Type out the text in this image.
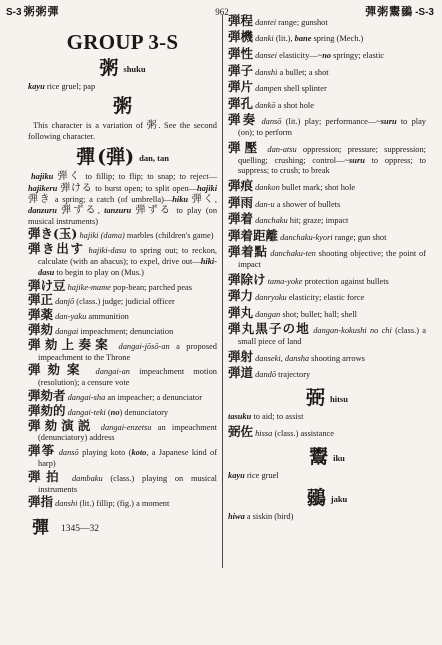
S-3 粥粥彈	962	彈粥鬻鶸 -S-3
GROUP 3-S
粥shuku

kayu rice gruel; pap

粥

This character is a variation of 粥. See the second following character.

彈 (弾) dan, tan

hajiku 弾く to fillip; to flip; to snap; to reject—hajikeru 弾ける to burst open; to split open—hajiki 弾き a spring; a catch (of umbrella)—hiku 弾く, danzuru 弾ずる, tanzuru 弾ずる to play (on musical instruments)

弾き(玉) hajiki (dama) marbles (children's game)
弾き出す hajiki-dasu to spring out; to reckon, calculate (with an abacus); to expel, drive out—hiki-dasu to begin to play on (Mus.)
弾け豆 hajike-mame pop-bean; parched peas
弾正 danjō (class.) judge; judicial officer
弾薬 dan-yaku ammunition
弾劾 dangai impeachment; denunciation
弾劾上奏案 dangai-jōsō-an a proposed impeachment to the Throne
弾劾案 dangai-an impeachment motion (resolution); a censure vote
弾劾者 dangai-sha an impeacher; a denunciator
弾劾的 dangai-teki (no) denunciatory
弾劾演説 dangai-enzetsu an impeachment (denunciatory) address
弾筝 dansō playing koto (koto, a Japanese kind of harp)
弾拍 dambaku (class.) playing on musical instruments
弾指 danshi (lit.) fillip; (fig.) a moment
彈 1345—32
弾程 dantei range; gunshot
弾機 danki (lit.), bane spring (Mech.)
弾性 dansei elasticity—~no springy; elastic
弾子 danshi a bullet; a shot
弾片 dampen shell splinter
弾孔 dankō a shot hole
弾奏 dansō (lit.) play; performance—~suru to play (on); to perform
弾壓 dan-atsu oppression; pressure; suppression; quelling; crushing; control—~suru to oppress; to suppress; to crush; to break
弾痕 dankon bullet mark; shot hole
弾雨 dan-u a shower of bullets
弾着 danchaku hit; graze; impact
弾着距離 danchaku-kyori range; gun shot
弾着點 danchaku-ten shooting objective; the point of impact
弾除け tama-yoke protection against bullets
弾力 danryoku elasticity; elastic force
弾丸 dangan shot; bullet; ball; shell
弾丸黒子の地 dangan-kokushi no chi (class.) a small piece of land
弾射 danseki, dansha shooting arrows
弾道 dandō trajectory
弼hitsu

tasuku to aid; to assist

弼佐 hissa (class.) assistance
鬻iku

kayu rice gruel

鶸jaku

hiwa a siskin (bird)
